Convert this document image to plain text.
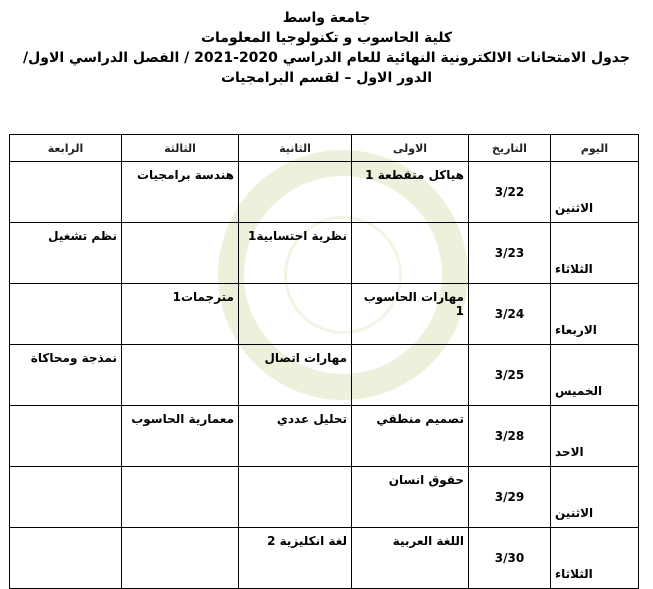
جامعة واسط
كلية الحاسوب و تكنولوجيا المعلومات
جدول الامتحانات الالكترونية النهائية للعام الدراسي 2020-2021 / الفصل الدراسي الاول/
الدور الاول – لقسم البرامجيات
اليوم	التاريخ	الاولى	الثانية	الثالثة	الرابعة
الاثنين	3/22	هياكل متقطعة 1		هندسة برامجيات	
الثلاثاء	3/23		نظرية احتسابية1		نظم تشغيل
الاربعاء	3/24	مهارات الحاسوب 1		مترجمات1	
الخميس	3/25		مهارات اتصال		نمذجة ومحاكاة
الاحد	3/28	تصميم منطقي	تحليل عددي	معمارية الحاسوب	
الاثنين	3/29	حقوق انسان			
الثلاثاء	3/30	اللغة العربية	لغة انكليزية 2		
